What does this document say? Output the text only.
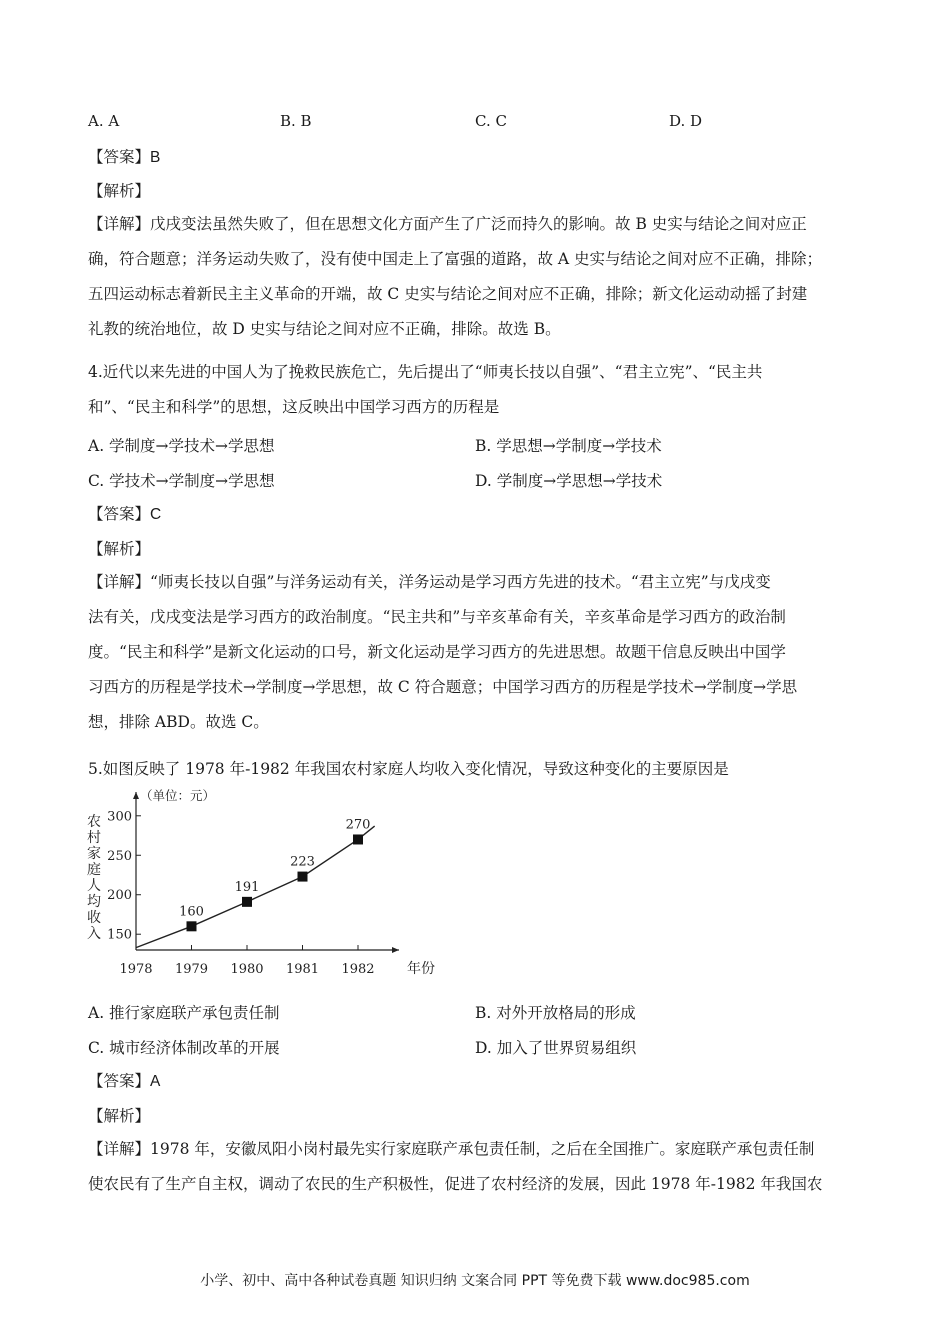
A. A	B. B	C. C	D. D
【答案】B
【解析】

【详解】戊戌变法虽然失败了，但在思想文化方面产生了广泛而持久的影响。故 B 史实与结论之间对应正

确，符合题意；洋务运动失败了，没有使中国走上了富强的道路，故 A 史实与结论之间对应不正确，排除；

五四运动标志着新民主主义革命的开端，故 C 史实与结论之间对应不正确，排除；新文化运动动摇了封建

礼教的统治地位，故 D 史实与结论之间对应不正确，排除。故选 B。

4.近代以来先进的中国人为了挽救民族危亡，先后提出了“师夷长技以自强”、“君主立宪”、“民主共

和”、“民主和科学”的思想，这反映出中国学习西方的历程是

A. 学制度→学技术→学思想	B. 学思想→学制度→学技术
C. 学技术→学制度→学思想	D. 学制度→学思想→学技术
【答案】C
【解析】

【详解】“师夷长技以自强”与洋务运动有关，洋务运动是学习西方先进的技术。“君主立宪”与戊戌变

法有关，戊戌变法是学习西方的政治制度。“民主共和”与辛亥革命有关，辛亥革命是学习西方的政治制

度。“民主和科学”是新文化运动的口号，新文化运动是学习西方的先进思想。故题干信息反映出中国学

习西方的历程是学技术→学制度→学思想，故 C 符合题意；中国学习西方的历程是学技术→学制度→学思

想，排除 ABD。故选 C。

5.如图反映了 1978 年-1982 年我国农村家庭人均收入变化情况，导致这种变化的主要原因是
（单位：元）
150
200
250
300
1978 1979 1980 1981 1982 年份
农
村
家
庭
人
均
收
入
160
191
223
270
A. 推行家庭联产承包责任制	B. 对外开放格局的形成
C. 城市经济体制改革的开展	D. 加入了世界贸易组织
【答案】A
【解析】

【详解】1978 年，安徽凤阳小岗村最先实行家庭联产承包责任制，之后在全国推广。家庭联产承包责任制

使农民有了生产自主权，调动了农民的生产积极性，促进了农村经济的发展，因此 1978 年-1982 年我国农

小学、初中、高中各种试卷真题 知识归纳 文案合同 PPT 等免费下载 www.doc985.com
